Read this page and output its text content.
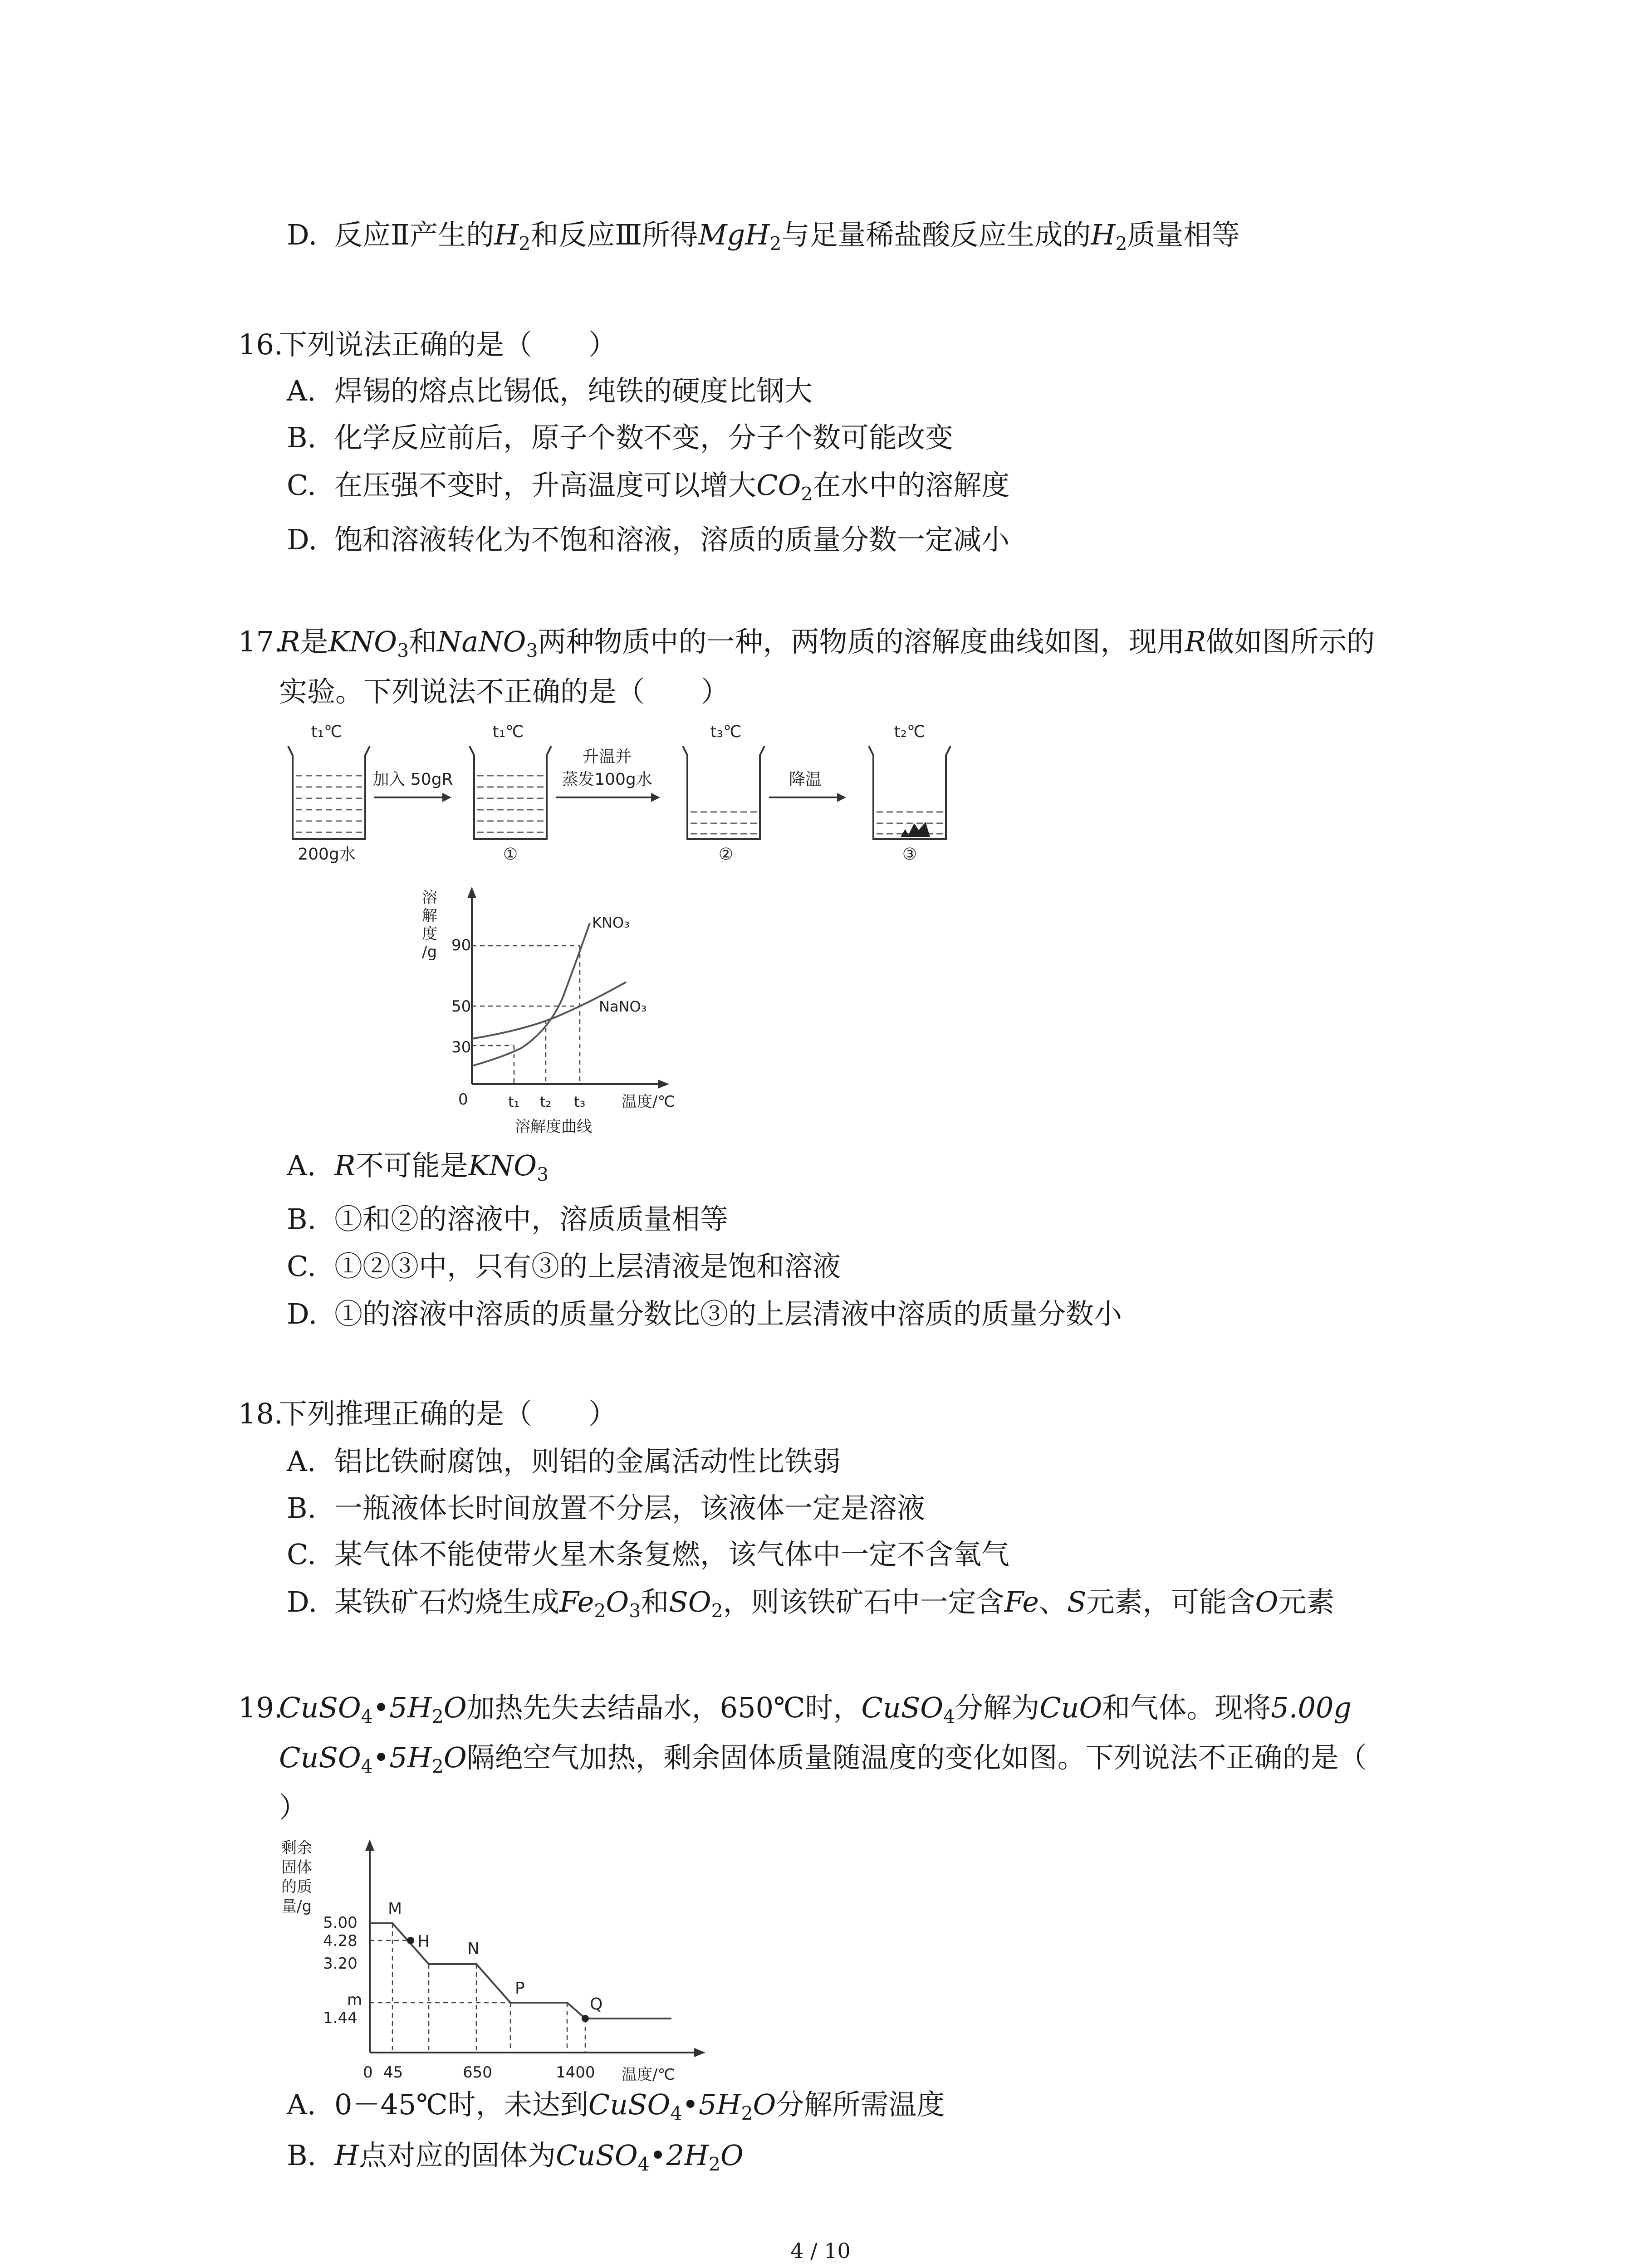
D. 反应Ⅱ产生的$H_2$和反应Ⅲ所得MgH$_2$与足量稀盐酸反应生成的$H_2$质量相等
16.下列说法正确的是（　　）
A. 焊锡的熔点比锡低，纯铁的硬度比钢大
B. 化学反应前后，原子个数不变，分子个数可能改变
C. 在压强不变时，升高温度可以增大$CO_2$在水中的溶解度
D. 饱和溶液转化为不饱和溶液，溶质的质量分数一定减小
17.R是$KNO_3$和NaNO$_3$两种物质中的一种，两物质的溶解度曲线如图，现用R做如图所示的
实验。下列说法不正确的是（　　）
t₁℃
200g水
加入 50gR
t₁℃
①
升温并
蒸发100g水
t₃℃
②
降温
t₂℃
③
溶
解
度
/g 90
50
30
0
KNO₃
NaNO₃
t₁ t₂ t₃ 温度/℃
溶解度曲线
A. R不可能是$KNO_3$
B. ①和②的溶液中，溶质质量相等
C. ①②③中，只有③的上层清液是饱和溶液
D. ①的溶液中溶质的质量分数比③的上层清液中溶质的质量分数小
18.下列推理正确的是（　　）
A. 铝比铁耐腐蚀，则铝的金属活动性比铁弱
B. 一瓶液体长时间放置不分层，该液体一定是溶液
C. 某气体不能使带火星木条复燃，该气体中一定不含氧气
D. 某铁矿石灼烧生成$Fe_2O_3$和$SO_2$，则该铁矿石中一定含Fe、S元素，可能含O元素
$19.CuSO_4•5H_2O$加热先失去结晶水，650℃时，CuSO$_4$分解为CuO和气体。现将5.00g
$CuSO_4•5H_2O$隔绝空气加热，剩余固体质量随温度的变化如图。下列说法不正确的是（
）
剩余
固体
的质
量/g
5.00
4.28
3.20
m
1.44
M
H N
P
Q
0 45	650	1400 温度/℃
A. 0－45℃时，未达到$CuSO_4•5H_2O$分解所需温度
B. H点对应的固体为$CuSO_4•2H_2O$
4 / 10
